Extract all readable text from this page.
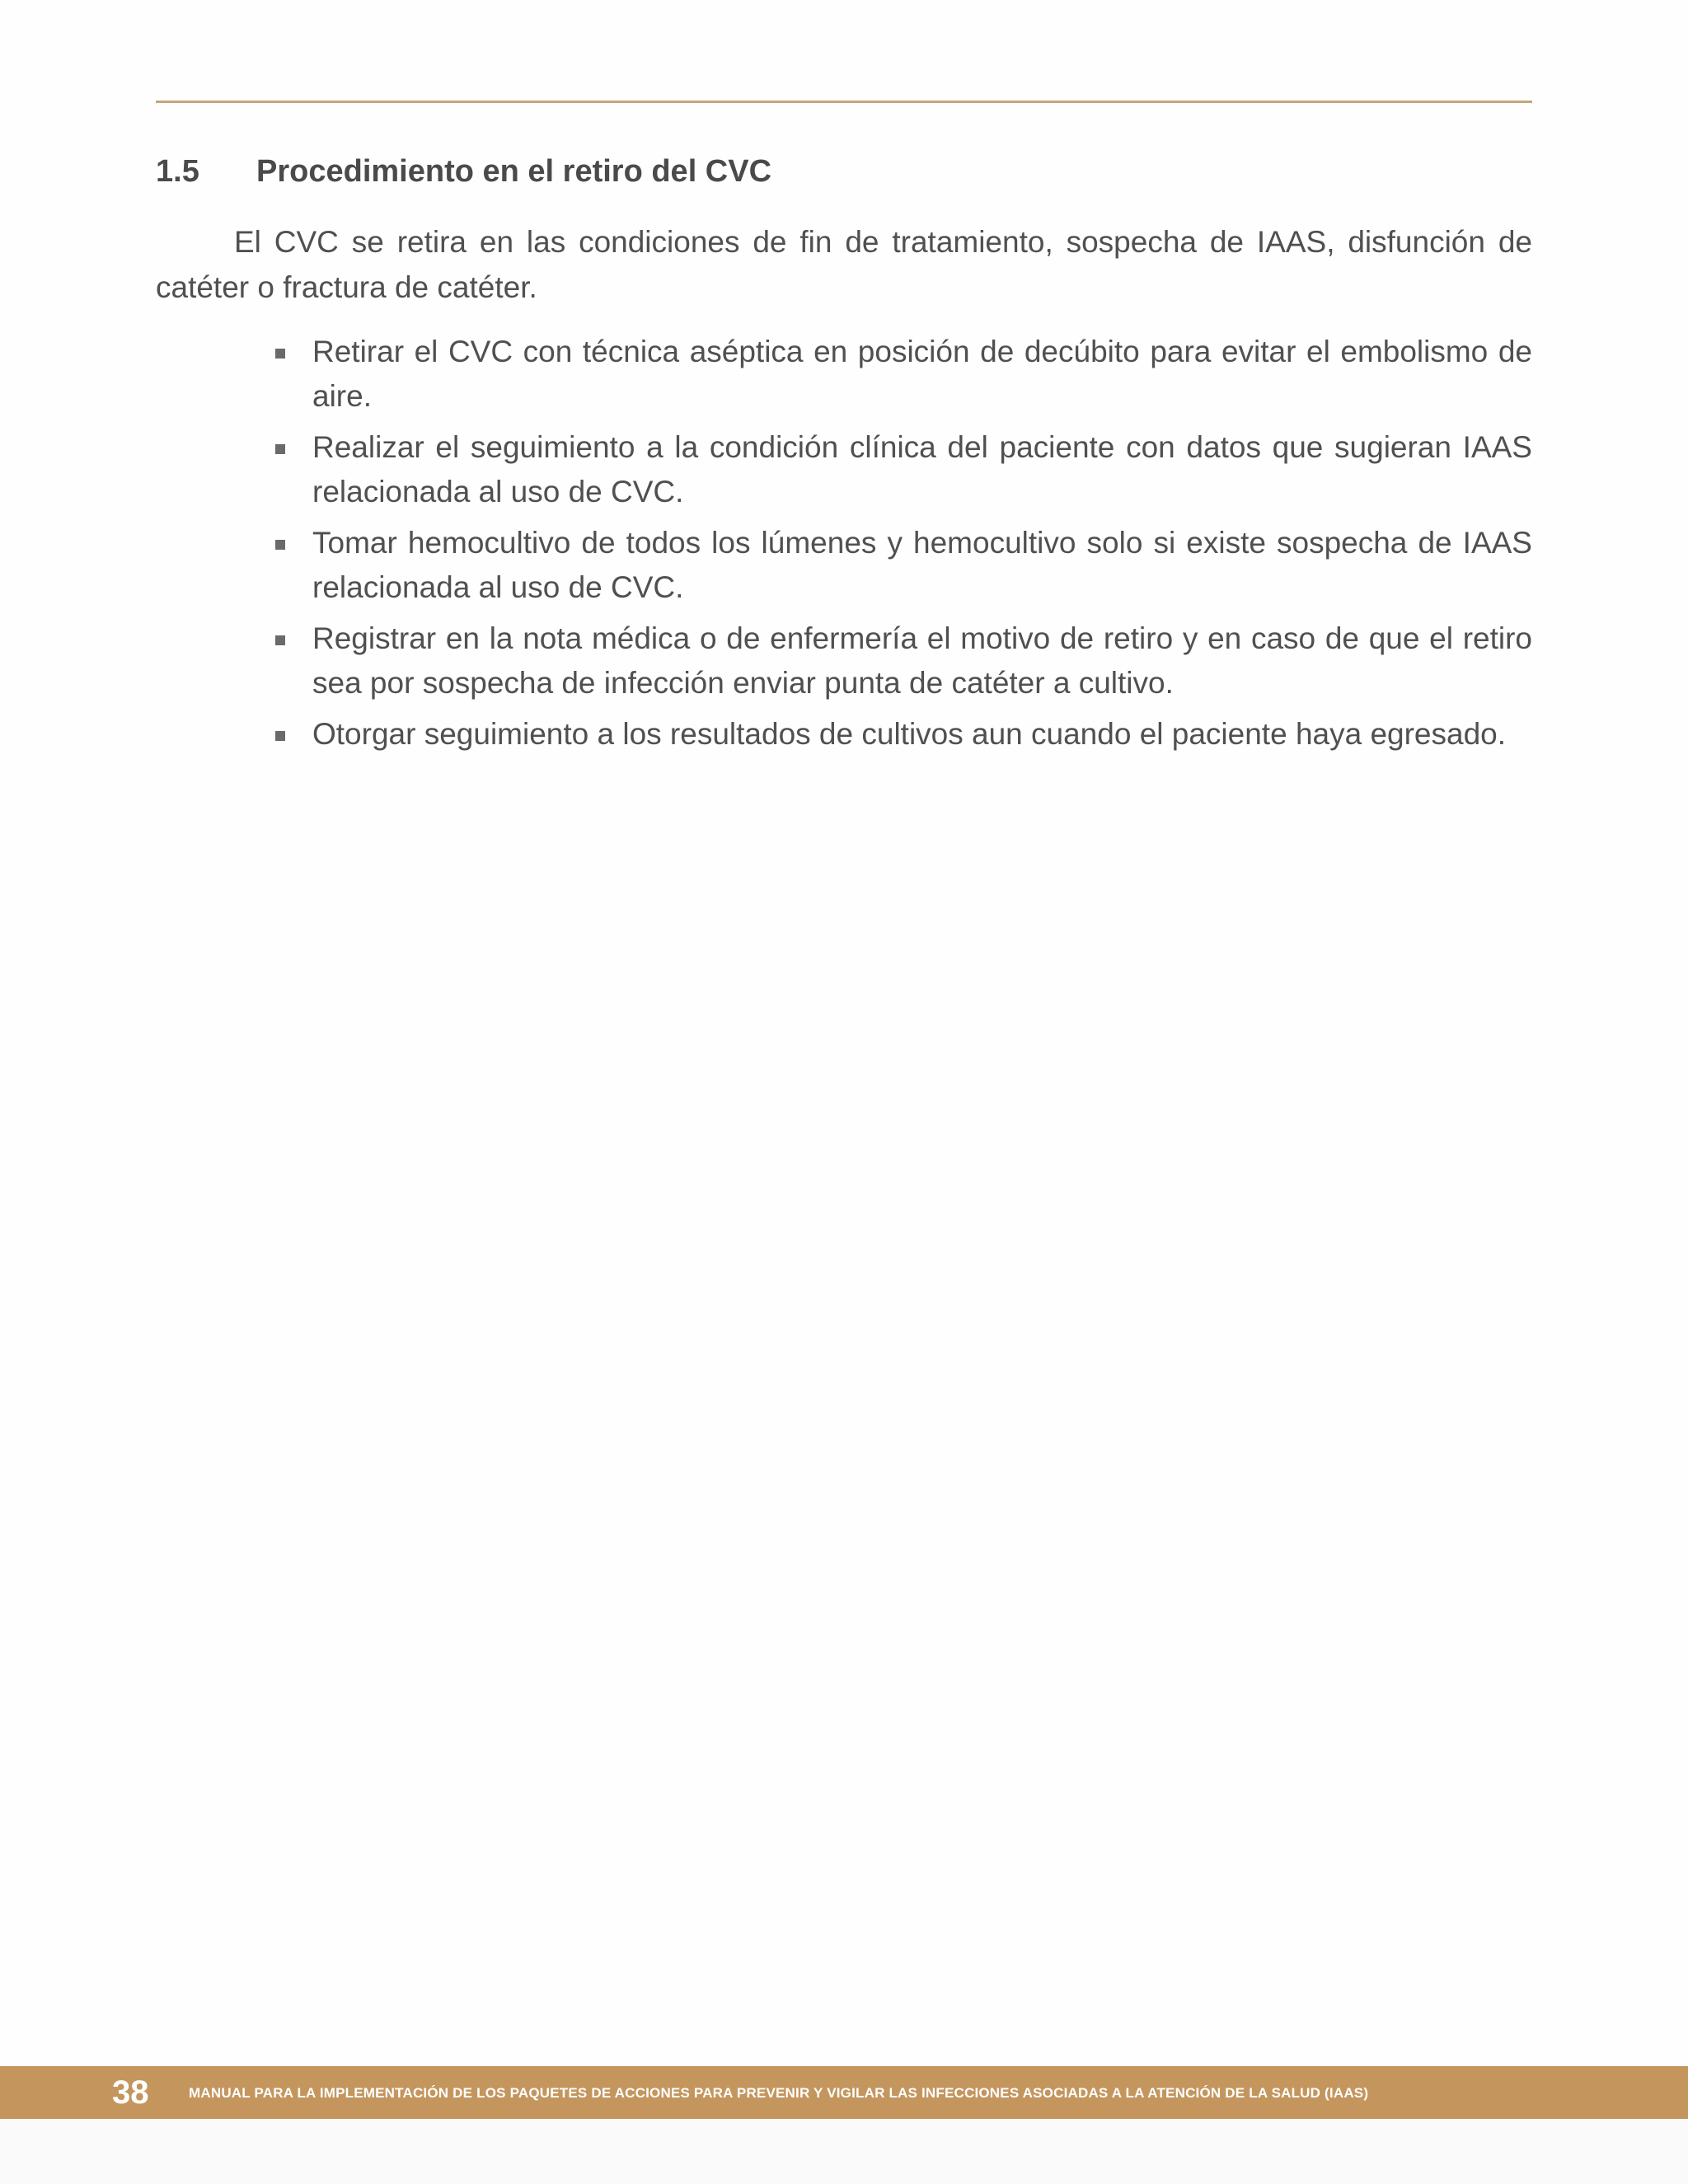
1.5 Procedimiento en el retiro del CVC

El CVC se retira en las condiciones de fin de tratamiento, sospecha de IAAS, disfunción de catéter o fractura de catéter.

Retirar el CVC con técnica aséptica en posición de decúbito para evitar el embolismo de aire.
Realizar el seguimiento a la condición clínica del paciente con datos que sugieran IAAS relacionada al uso de CVC.
Tomar hemocultivo de todos los lúmenes y hemocultivo solo si existe sospecha de IAAS relacionada al uso de CVC.
Registrar en la nota médica o de enfermería el motivo de retiro y en caso de que el retiro sea por sospecha de infección enviar punta de catéter a cultivo.
Otorgar seguimiento a los resultados de cultivos aun cuando el paciente haya egresado.
38	MANUAL PARA LA IMPLEMENTACIÓN DE LOS PAQUETES DE ACCIONES PARA PREVENIR Y VIGILAR LAS INFECCIONES ASOCIADAS A LA ATENCIÓN DE LA SALUD (IAAS)
